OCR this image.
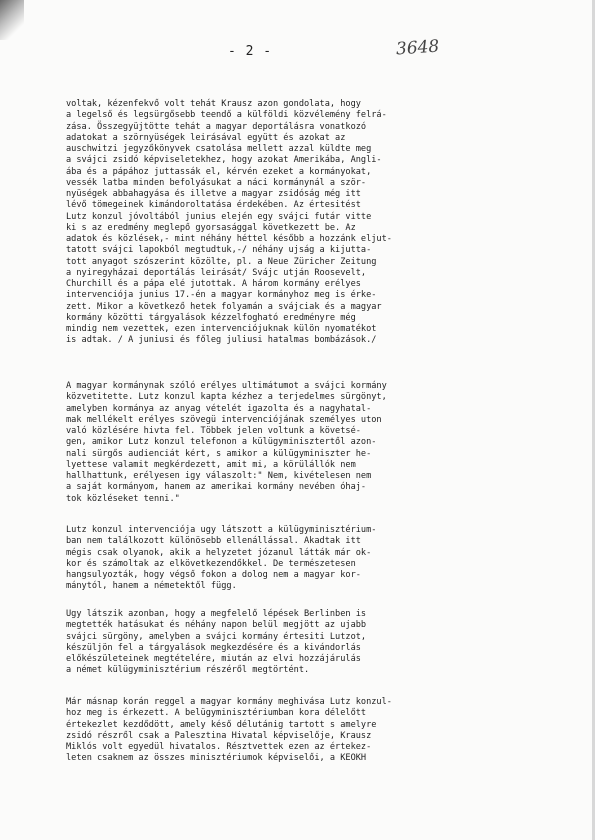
- 2 -	3648
voltak, kézenfekvő volt tehát Krausz azon gondolata, hogy
a legelső és legsürgősebb teendő a külföldi közvélemény felrá-
zása. Összegyüjtötte tehát a magyar deportálásra vonatkozó
adatokat a szörnyüségek leirásával együtt és azokat az
auschwitzi jegyzőkönyvek csatolása mellett azzal küldte meg
a svájci zsidó képviseletekhez, hogy azokat Amerikába, Angli-
ába és a pápához juttassák el, kérvén ezeket a kormányokat,
vessék latba minden befolyásukat a náci kormánynál a ször-
nyüségek abbahagyása és illetve a magyar zsidóság még itt
lévő tömegeinek kimándoroltatása érdekében. Az értesitést
Lutz konzul jóvoltából junius elején egy svájci futár vitte
ki s az eredmény meglepő gyorsasággal következett be. Az
adatok és közlések,- mint néhány héttel később a hozzánk eljut-
tatott svájci lapokból megtudtuk,-/ néhány ujság a kijutta-
tott anyagot szószerint közölte, pl. a Neue Züricher Zeitung
a nyiregyházai deportálás leirását/ Svájc utján Roosevelt,
Churchill és a pápa elé jutottak. A három kormány erélyes
intervenciója junius 17.-én a magyar kormányhoz meg is érke-
zett. Mikor a következő hetek folyamán a svájciak és a magyar
kormány közötti tárgyalások kézzelfogható eredményre még
mindig nem vezettek, ezen intervenciójuknak külön nyomatékot
is adtak. / A juniusi és főleg juliusi hatalmas bombázások./
A magyar kormánynak szóló erélyes ultimátumot a svájci kormány
közvetitette. Lutz konzul kapta kézhez a terjedelmes sürgönyt,
amelyben kormánya az anyag vételét igazolta és a nagyhatal-
mak mellékelt erélyes szövegü intervenciójának személyes uton
való közlésére hivta fel. Többek jelen voltunk a követsé-
gen, amikor Lutz konzul telefonon a külügyminisztertől azon-
nali sürgős audienciát kért, s amikor a külügyminiszter he-
lyettese valamit megkérdezett, amit mi, a körülállók nem
hallhattunk, erélyesen igy válaszolt:" Nem, kivételesen nem
a saját kormányom, hanem az amerikai kormány nevében óhaj-
tok közléseket tenni."
Lutz konzul intervenciója ugy látszott a külügyminisztérium-
ban nem találkozott különösebb ellenállással. Akadtak itt
mégis csak olyanok, akik a helyzetet józanul látták már ok-
kor és számoltak az elkövetkezendőkkel. De természetesen
hangsulyozták, hogy végső fokon a dolog nem a magyar kor-
mánytól, hanem a németektől függ.
Ugy látszik azonban, hogy a megfelelő lépések Berlinben is
megtették hatásukat és néhány napon belül megjött az ujabb
svájci sürgöny, amelyben a svájci kormány értesiti Lutzot,
készüljön fel a tárgyalások megkezdésére és a kivándorlás
előkészületeinek megtételére, miután az elvi hozzájárulás
a német külügyminisztérium részéről megtörtént.
Már másnap korán reggel a magyar kormány meghivása Lutz konzul-
hoz meg is érkezett. A belügyminisztériumban kora délelőtt
értekezlet kezdődött, amely késő délutánig tartott s amelyre
zsidó részről csak a Palesztina Hivatal képviselője, Krausz
Miklós volt egyedül hivatalos. Résztvettek ezen az értekez-
leten csaknem az összes minisztériumok képviselői, a KEOKH
